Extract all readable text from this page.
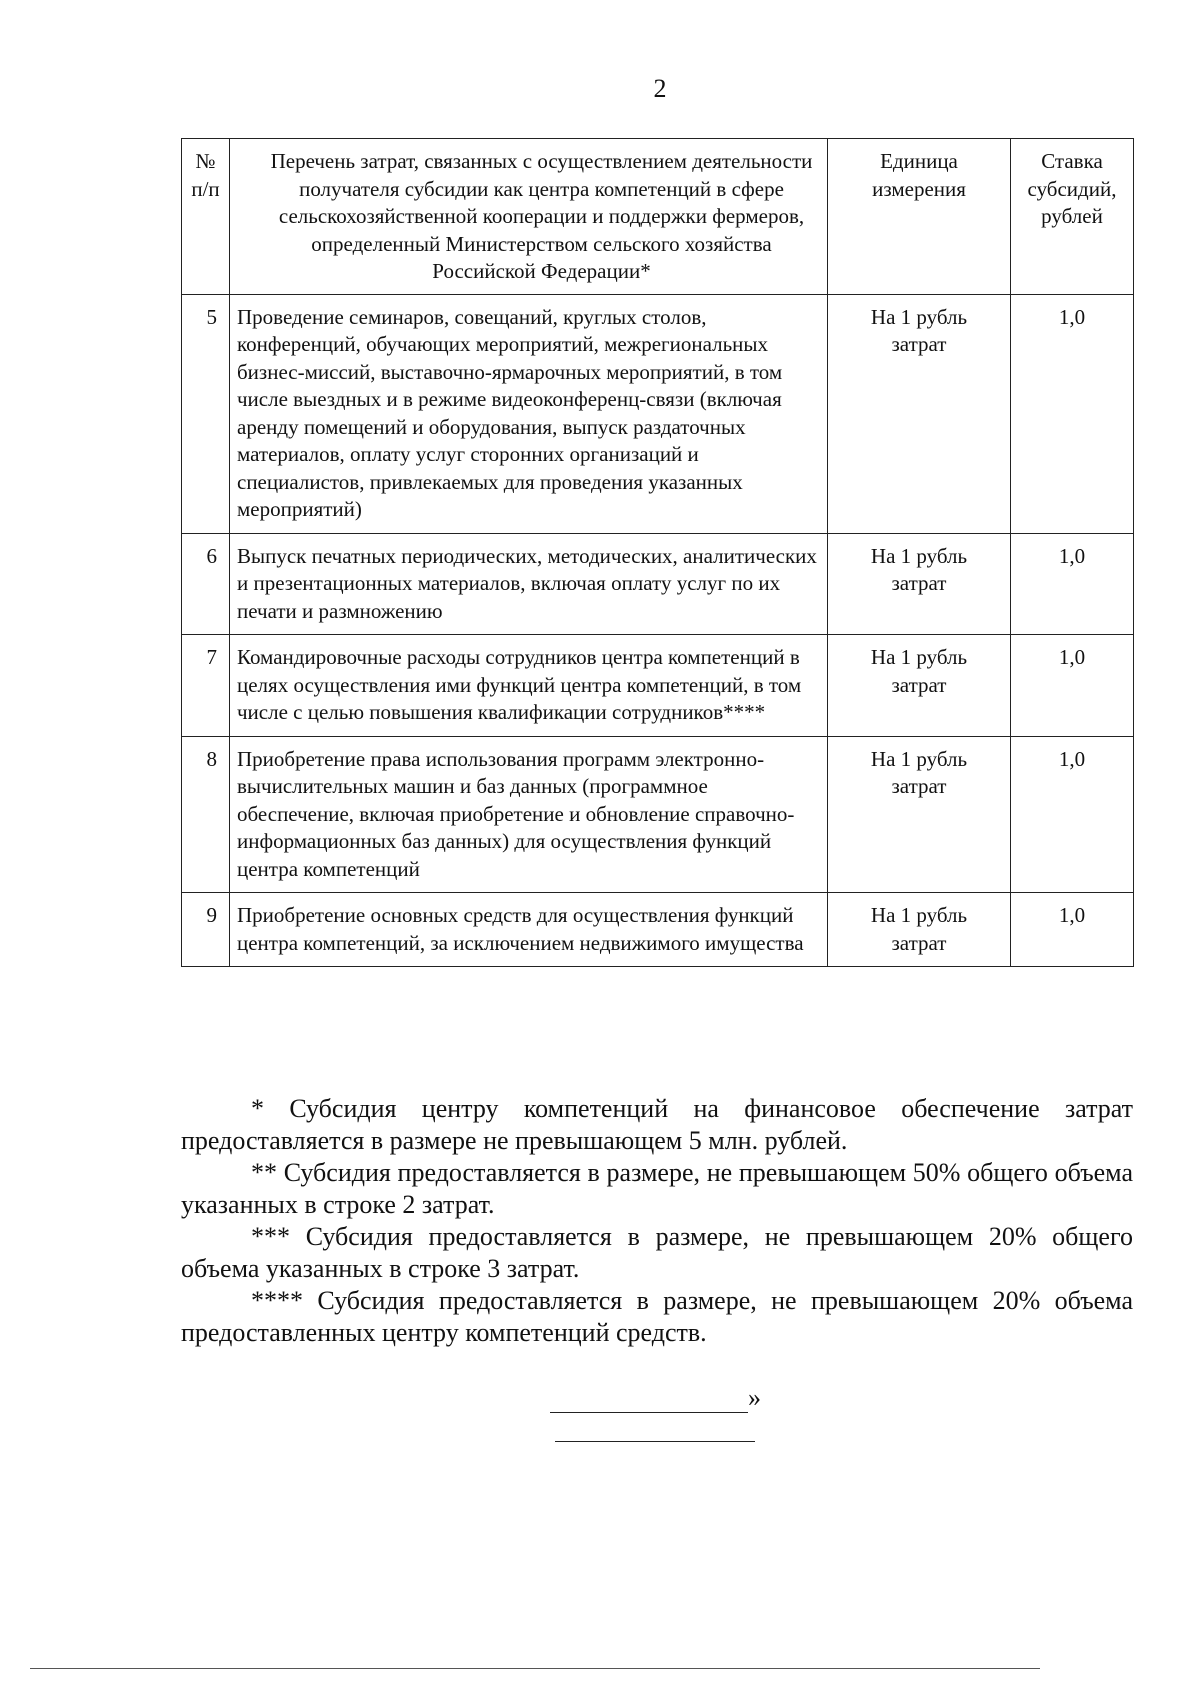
2
№
п/п	Перечень затрат, связанных с осуществлением деятельности получателя субсидии как центра компетенций в сфере сельскохозяйственной кооперации и поддержки фермеров, определенный Министерством сельского хозяйства Российской Федерации*	Единица измерения	Ставка субсидий, рублей
5	Проведение семинаров, совещаний, круглых столов, конференций, обучающих мероприятий, межрегиональных бизнес-миссий, выставочно-ярмарочных мероприятий, в том числе выездных и в режиме видеоконференц-связи (включая аренду помещений и оборудования, выпуск раздаточных материалов, оплату услуг сторонних организаций и специалистов, привлекаемых для проведения указанных мероприятий)	На 1 рубль затрат	1,0
6	Выпуск печатных периодических, методических, аналитических и презентационных материалов, включая оплату услуг по их печати и размножению	На 1 рубль затрат	1,0
7	Командировочные расходы сотрудников центра компетенций в целях осуществления ими функций центра компетенций, в том числе с целью повышения квалификации сотрудников****	На 1 рубль затрат	1,0
8	Приобретение права использования программ электронно-вычислительных машин и баз данных (программное обеспечение, включая приобретение и обновление справочно-информационных баз данных) для осуществления функций центра компетенций	На 1 рубль затрат	1,0
9	Приобретение основных средств для осуществления функций центра компетенций, за исключением недвижимого имущества	На 1 рубль затрат	1,0

* Субсидия центру компетенций на финансовое обеспечение затрат предоставляется в размере не превышающем 5 млн. рублей.

** Субсидия предоставляется в размере, не превышающем 50% общего объема указанных в строке 2 затрат.

*** Субсидия предоставляется в размере, не превышающем 20% общего объема указанных в строке 3 затрат.

**** Субсидия предоставляется в размере, не превышающем 20% объема предоставленных центру компетенций средств.

»
